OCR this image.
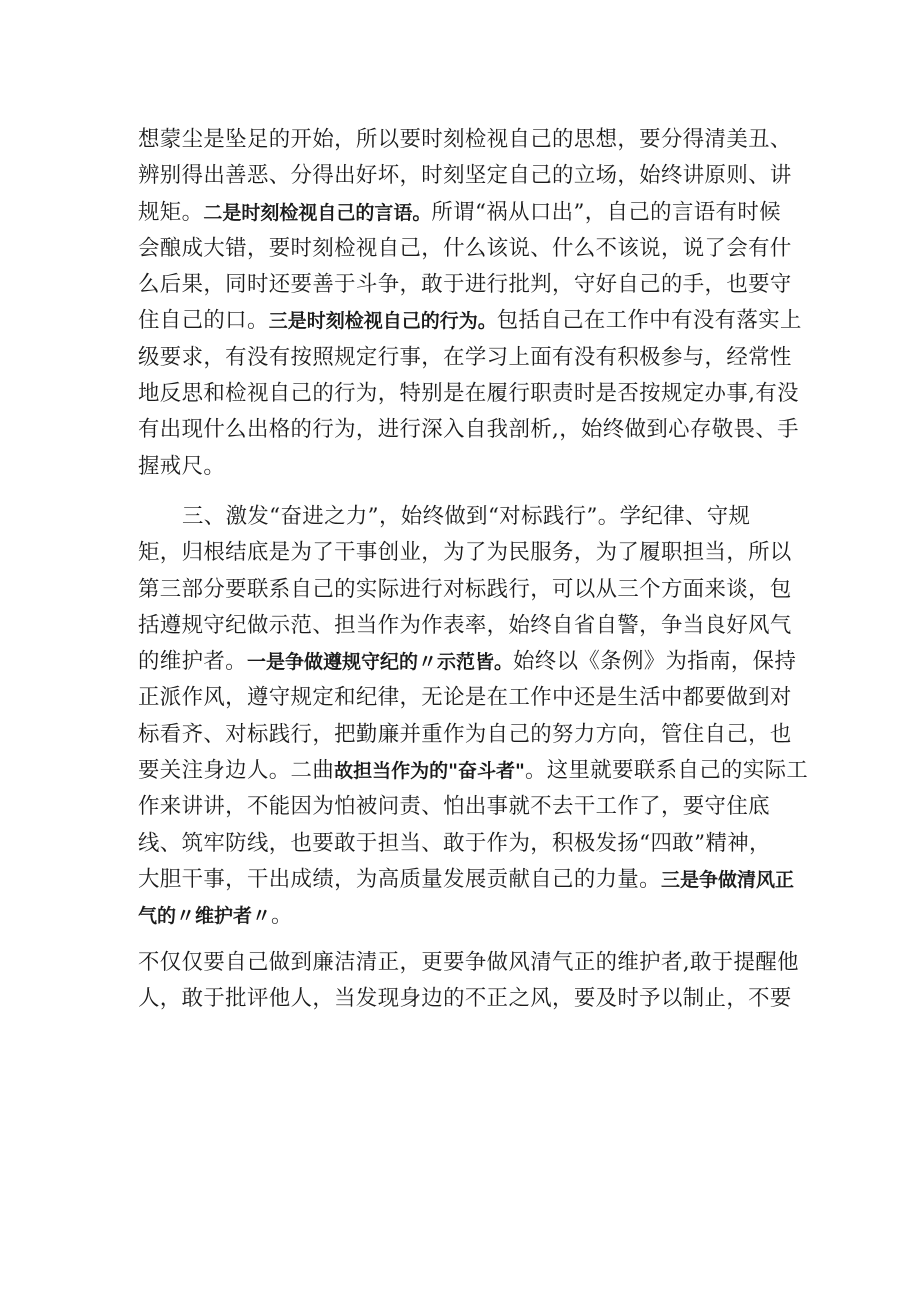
想蒙尘是坠足的开始，所以要时刻检视自己的思想，要分得清美丑、
辨别得出善恶、分得出好坏，时刻坚定自己的立场，始终讲原则、讲
规矩。二是时刻检视自己的言语。所谓“祸从口出”，自己的言语有时候
会酿成大错，要时刻检视自己，什么该说、什么不该说，说了会有什
么后果，同时还要善于斗争，敢于进行批判，守好自己的手，也要守
住自己的口。三是时刻检视自己的行为。包括自己在工作中有没有落实上
级要求，有没有按照规定行事，在学习上面有没有积极参与，经常性
地反思和检视自己的行为，特别是在履行职责时是否按规定办事,有没
有出现什么出格的行为，进行深入自我剖析,，始终做到心存敬畏、手
握戒尺。
三、激发“奋进之力”，始终做到“对标践行”。学纪律、守规
矩，归根结底是为了干事创业，为了为民服务，为了履职担当，所以
第三部分要联系自己的实际进行对标践行，可以从三个方面来谈，包
括遵规守纪做示范、担当作为作表率，始终自省自警，争当良好风气
的维护者。一是争做遵规守纪的〃示范皆。始终以《条例》为指南，保持
正派作风，遵守规定和纪律，无论是在工作中还是生活中都要做到对
标看齐、对标践行，把勤廉并重作为自己的努力方向，管住自己，也
要关注身边人。二曲故担当作为的"奋斗者"。这里就要联系自己的实际工
作来讲讲，不能因为怕被问责、怕出事就不去干工作了，要守住底
线、筑牢防线，也要敢于担当、敢于作为，积极发扬“四敢”精神，
大胆干事，干出成绩，为高质量发展贡献自己的力量。三是争做清风正
气的〃维护者〃。
不仅仅要自己做到廉洁清正，更要争做风清气正的维护者,敢于提醒他
人，敢于批评他人，当发现身边的不正之风，要及时予以制止，不要
